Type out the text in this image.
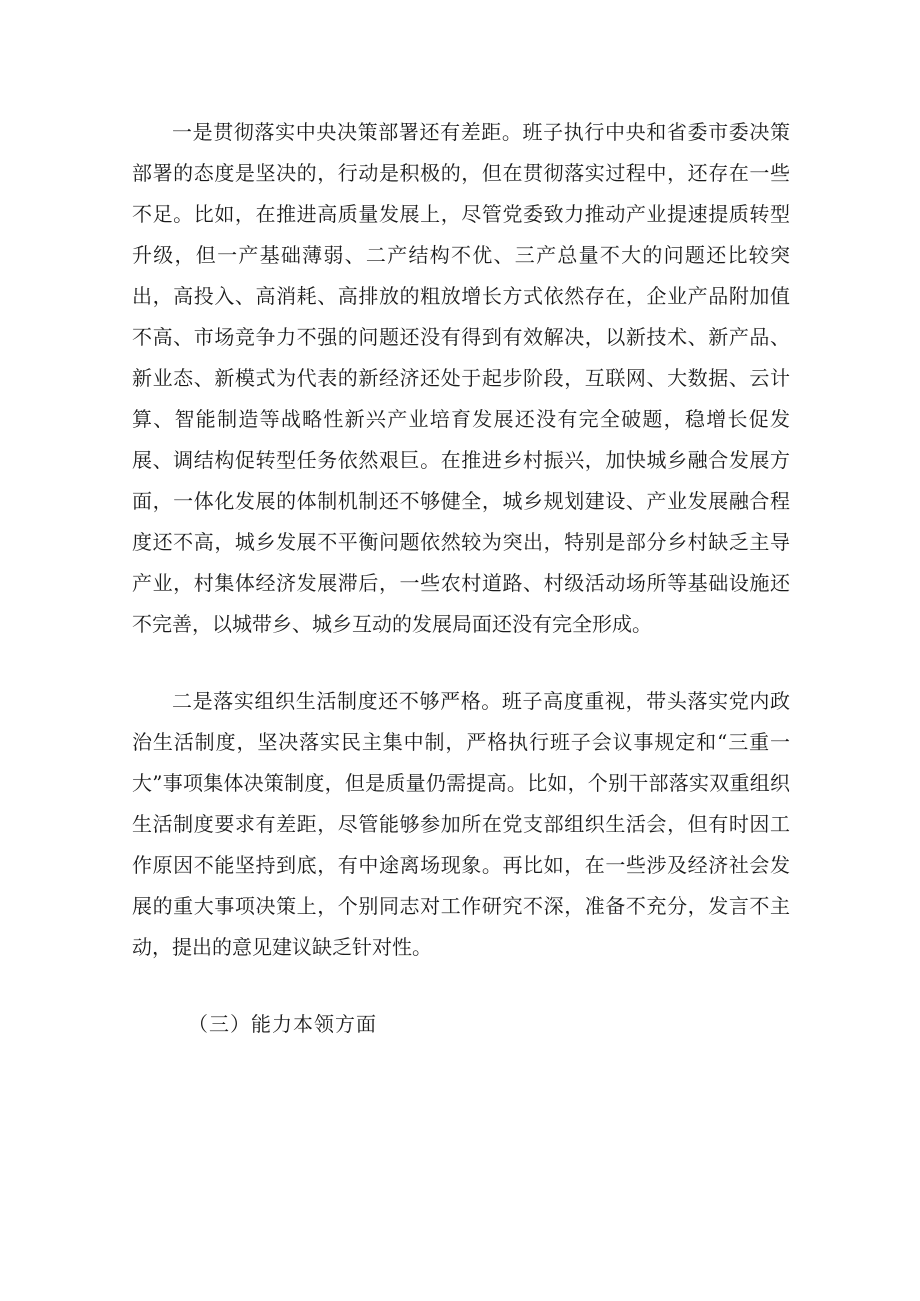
一是贯彻落实中央决策部署还有差距。班子执行中央和省委市委决策部署的态度是坚决的，行动是积极的，但在贯彻落实过程中，还存在一些不足。比如，在推进高质量发展上，尽管党委致力推动产业提速提质转型升级，但一产基础薄弱、二产结构不优、三产总量不大的问题还比较突出，高投入、高消耗、高排放的粗放增长方式依然存在，企业产品附加值不高、市场竞争力不强的问题还没有得到有效解决，以新技术、新产品、新业态、新模式为代表的新经济还处于起步阶段，互联网、大数据、云计算、智能制造等战略性新兴产业培育发展还没有完全破题，稳增长促发展、调结构促转型任务依然艰巨。在推进乡村振兴，加快城乡融合发展方面，一体化发展的体制机制还不够健全，城乡规划建设、产业发展融合程度还不高，城乡发展不平衡问题依然较为突出，特别是部分乡村缺乏主导产业，村集体经济发展滞后，一些农村道路、村级活动场所等基础设施还不完善，以城带乡、城乡互动的发展局面还没有完全形成。

二是落实组织生活制度还不够严格。班子高度重视，带头落实党内政治生活制度，坚决落实民主集中制，严格执行班子会议事规定和“三重一大”事项集体决策制度，但是质量仍需提高。比如，个别干部落实双重组织生活制度要求有差距，尽管能够参加所在党支部组织生活会，但有时因工作原因不能坚持到底，有中途离场现象。再比如，在一些涉及经济社会发展的重大事项决策上，个别同志对工作研究不深，准备不充分，发言不主动，提出的意见建议缺乏针对性。

（三）能力本领方面
